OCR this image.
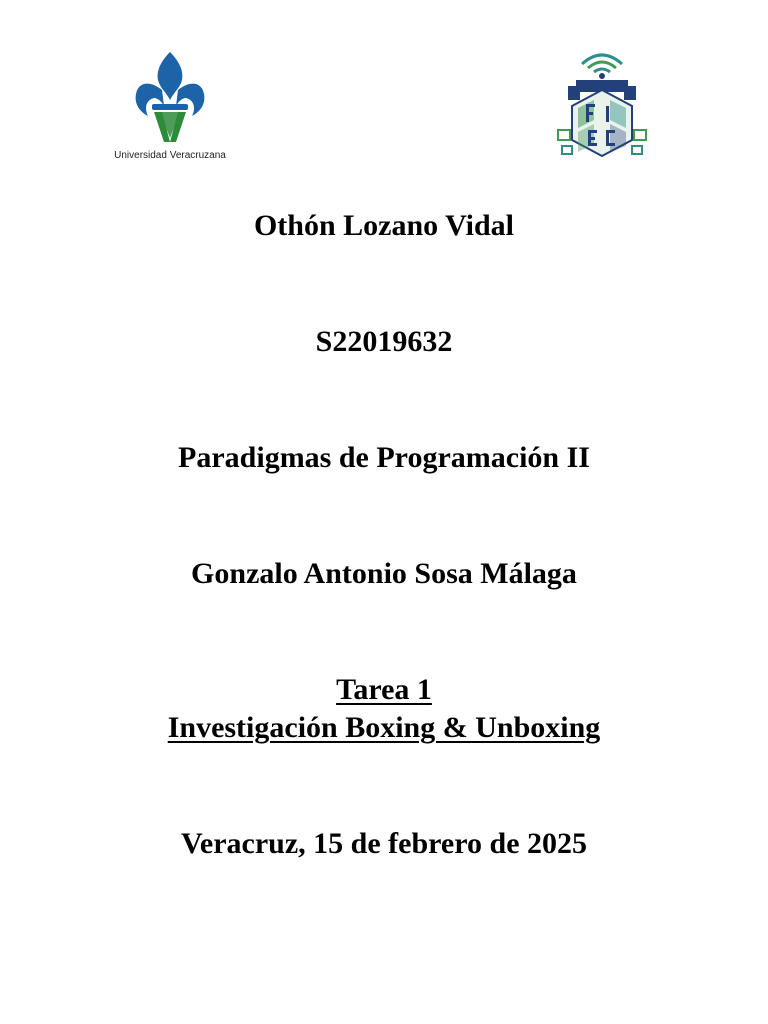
Universidad Veracruzana
Othón Lozano Vidal
S22019632
Paradigmas de Programación II
Gonzalo Antonio Sosa Málaga
Tarea 1
Investigación Boxing & Unboxing
Veracruz, 15 de febrero de 2025
